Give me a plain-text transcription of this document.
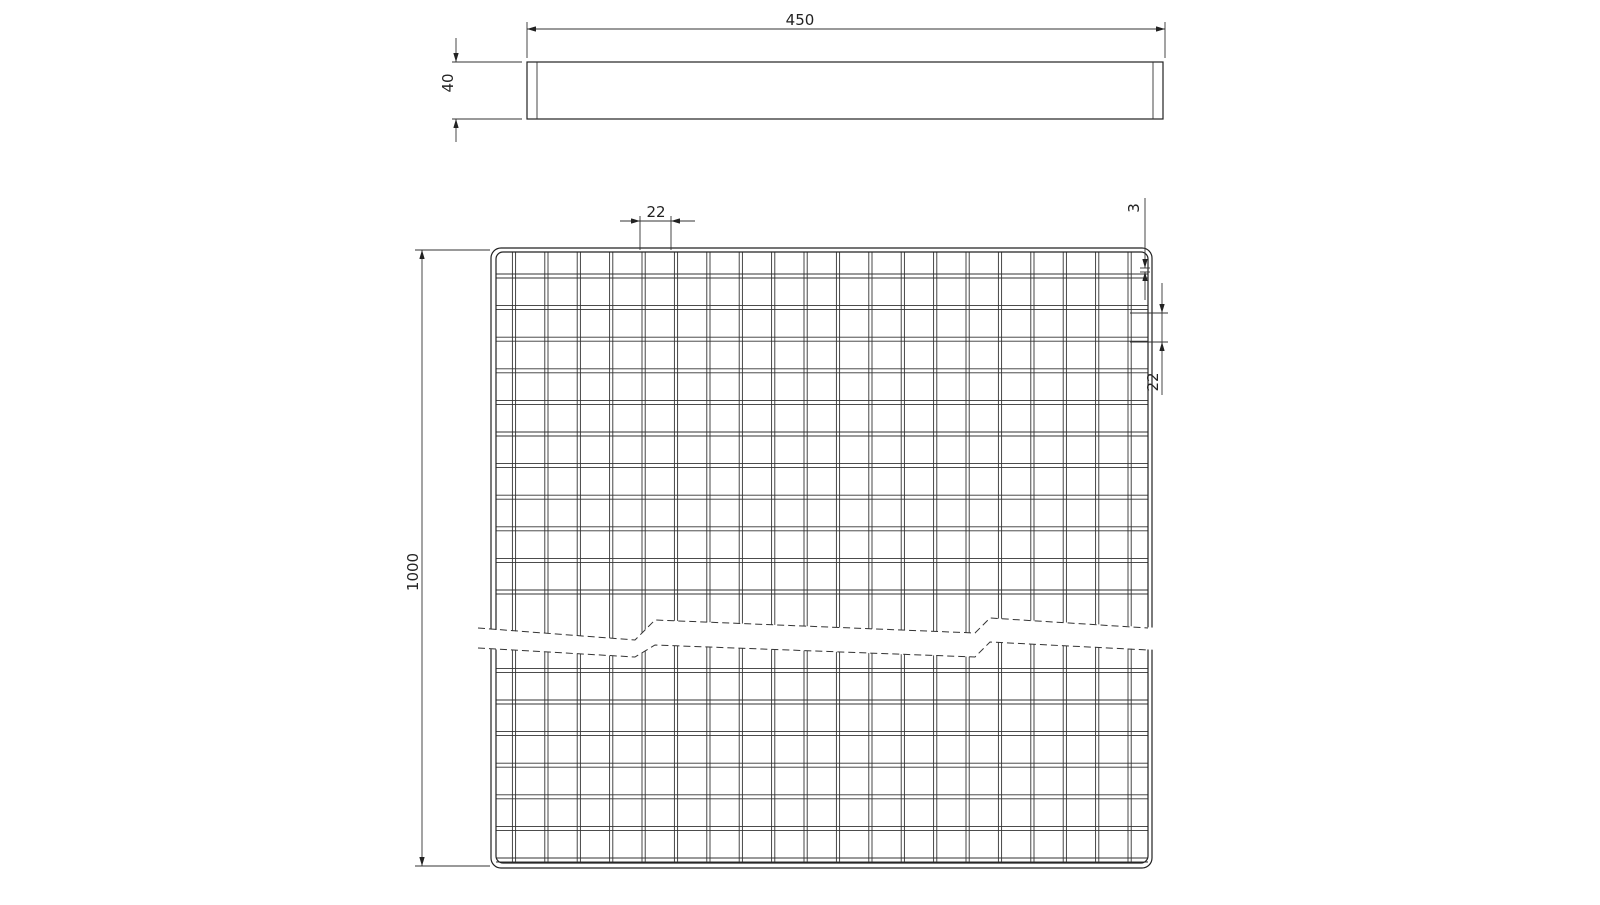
450
40
1000
22	3
22
